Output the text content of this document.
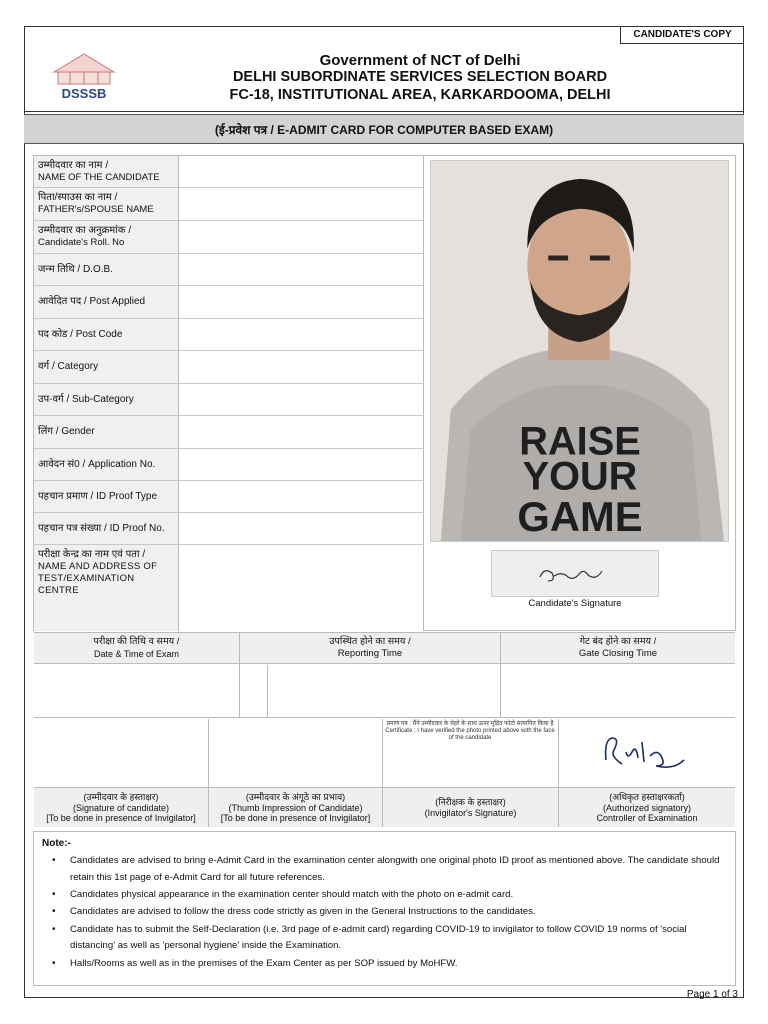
CANDIDATE'S COPY
DSSSB
Government of NCT of Delhi
DELHI SUBORDINATE SERVICES SELECTION BOARD
FC-18, INSTITUTIONAL AREA, KARKARDOOMA, DELHI
(ई-प्रवेश पत्र / E-ADMIT CARD FOR COMPUTER BASED EXAM)
उम्मीदवार का नाम /
NAME OF THE CANDIDATE
पिता/स्पाउस का नाम /
FATHER's/SPOUSE NAME
उम्मीदवार का अनुक्रमांक /
Candidate's Roll. No
जन्म तिथि / D.O.B.
आवेदित पद / Post Applied
पद कोड / Post Code
वर्ग / Category
उप-वर्ग / Sub-Category
लिंग / Gender
आवेदन सं0 / Application No.
पहचान प्रमाण / ID Proof Type
पहचान पत्र संख्या / ID Proof No.
परीक्षा केन्द्र का नाम एवं पता /
NAME AND ADDRESS OF TEST/EXAMINATION CENTRE
RAISE
YOUR
GAME
Candidate's Signature
परीक्षा की तिथि व समय /
Date & Time of Exam
उपस्थित होने का समय /
Reporting Time
गेट बंद होने का समय /
Gate Closing Time
प्रमाण पत्र : मैंने उम्मीदवार के चेहरे के साथ ऊपर मुद्रित फोटो सत्यापित किया है
Certificate : I have verified the photo printed above with the face of the candidate
(उम्मीदवार के हस्ताक्षर)
(Signature of candidate)
[To be done in presence of Invigilator]
(उम्मीदवार के अंगूठे का प्रभाव)
(Thumb Impression of Candidate)
[To be done in presence of Invigilator]
(निरीक्षक के हस्ताक्षर)
(Invigilator's Signature)
(अधिकृत हस्ताक्षरकर्ता)
(Authorized signatory)
Controller of Examination
Note:-
• Candidates are advised to bring e-Admit Card in the examination center alongwith one original photo ID proof as mentioned above. The candidate should retain this 1st page of e-Admit Card for all future references.
• Candidates physical appearance in the examination center should match with the photo on e-admit card.
• Candidates are advised to follow the dress code strictly as given in the General Instructions to the candidates.
• Candidate has to submit the Self-Declaration (i.e. 3rd page of e-admit card) regarding COVID-19 to invigilator to follow COVID 19 norms of 'social distancing' as well as 'personal hygiene' inside the Examination.
• Halls/Rooms as well as in the premises of the Exam Center as per SOP issued by MoHFW.
Page 1 of 3
